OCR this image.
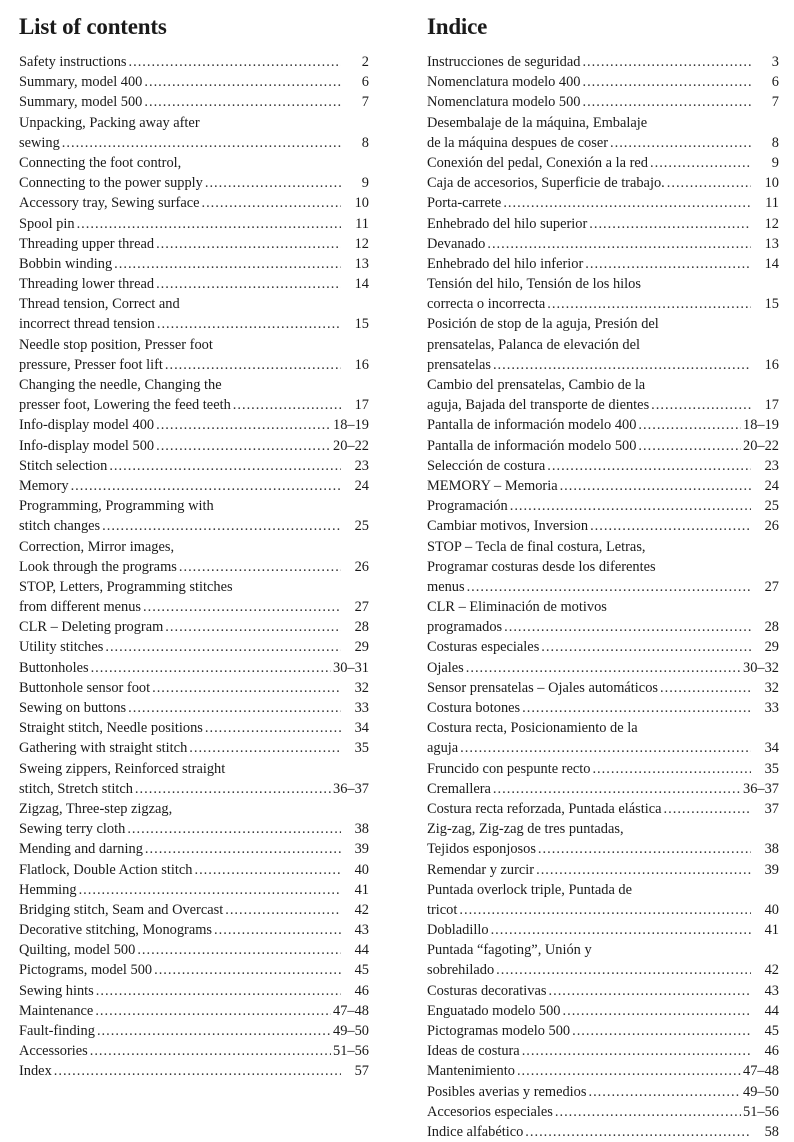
List of contents
Safety instructions .....	2
Summary, model 400 .....	6
Summary, model 500 .....	7
Unpacking, Packing away after
sewing .....	8
Connecting the foot control,
Connecting to the power supply .....	9
Accessory tray, Sewing surface .....	10
Spool pin .....	11
Threading upper thread .....	12
Bobbin winding .....	13
Threading lower thread .....	14
Thread tension, Correct and
incorrect thread tension .....	15
Needle stop position, Presser foot
pressure, Presser foot lift .....	16
Changing the needle, Changing the
presser foot, Lowering the feed teeth .....	17
Info-display model 400 .....	18–19
Info-display model 500 .....	20–22
Stitch selection .....	23
Memory .....	24
Programming, Programming with
stitch changes .....	25
Correction, Mirror images,
Look through the programs .....	26
STOP, Letters, Programming stitches
from different menus .....	27
CLR – Deleting program .....	28
Utility stitches .....	29
Buttonholes .....	30–31
Buttonhole sensor foot .....	32
Sewing on buttons .....	33
Straight stitch, Needle positions .....	34
Gathering with straight stitch .....	35
Sweing zippers, Reinforced straight
stitch, Stretch stitch .....	36–37
Zigzag, Three-step zigzag,
Sewing terry cloth .....	38
Mending and darning .....	39
Flatlock, Double Action stitch .....	40
Hemming .....	41
Bridging stitch, Seam and Overcast .....	42
Decorative stitching, Monograms .....	43
Quilting, model 500 .....	44
Pictograms, model 500 .....	45
Sewing hints .....	46
Maintenance .....	47–48
Fault-finding .....	49–50
Accessories .....	51–56
Index .....	57
Indice
Instrucciones de seguridad .....	3
Nomenclatura modelo 400 .....	6
Nomenclatura modelo 500 .....	7
Desembalaje de la máquina, Embalaje
de la máquina despues de coser .....	8
Conexión del pedal, Conexión a la red .....	9
Caja de accesorios, Superficie de trabajo. .....	10
Porta-carrete .....	11
Enhebrado del hilo superior .....	12
Devanado .....	13
Enhebrado del hilo inferior .....	14
Tensión del hilo, Tensión de los hilos
correcta o incorrecta .....	15
Posición de stop de la aguja, Presión del
prensatelas, Palanca de elevación del
prensatelas .....	16
Cambio del prensatelas, Cambio de la
aguja, Bajada del transporte de dientes .....	17
Pantalla de información modelo 400 .....	18–19
Pantalla de información modelo 500 .....	20–22
Selección de costura .....	23
MEMORY – Memoria .....	24
Programación .....	25
Cambiar motivos, Inversion .....	26
STOP – Tecla de final costura, Letras,
Programar costuras desde los diferentes
menus .....	27
CLR – Eliminación de motivos
programados .....	28
Costuras especiales .....	29
Ojales .....	30–32
Sensor prensatelas – Ojales automáticos .....	32
Costura botones .....	33
Costura recta, Posicionamiento de la
aguja .....	34
Fruncido con pespunte recto .....	35
Cremallera .....	36–37
Costura recta reforzada, Puntada elástica .....	37
Zig-zag, Zig-zag de tres puntadas,
Tejidos esponjosos .....	38
Remendar y zurcir .....	39
Puntada overlock triple, Puntada de
tricot .....	40
Dobladillo .....	41
Puntada “fagoting”, Unión y
sobrehilado .....	42
Costuras decorativas .....	43
Enguatado modelo 500 .....	44
Pictogramas modelo 500 .....	45
Ideas de costura .....	46
Mantenimiento .....	47–48
Posibles averias y remedios .....	49–50
Accesorios especiales .....	51–56
Indice alfabético .....	58
